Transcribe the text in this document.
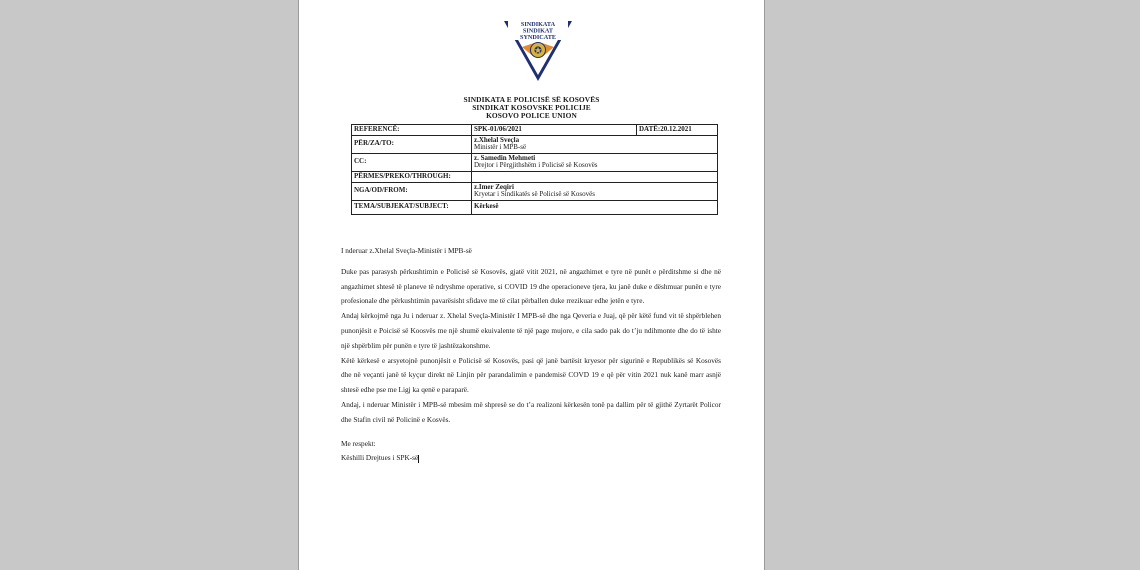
SINDIKATA
SINDIKAT
SYNDICATE
SINDIKATA E POLICISË SË KOSOVËS
SINDIKAT KOSOVSKE POLICIJE
KOSOVO POLICE UNION
REFERENCË:	SPK-01/06/2021	DATË:20.12.2021
PËR/ZA/TO:	z.Xhelal Sveçla
Ministër i MPB-së	

CC:	z. Samedin Mehmeti
Drejtor i Përgjithshëm i Policisë së Kosovës	

PËRMES/PREKO/THROUGH:		
NGA/OD/FROM:	z.Imer Zeqiri
Kryetar i Sindikatës së Policisë së Kosovës	

TEMA/SUBJEKAT/SUBJECT:	Kërkesë	

I nderuar z.Xhelal Sveçla-Ministër i MPB-së

Duke pas parasysh përkushtimin e Policisë së Kosovës, gjatë vitit 2021, në angazhimet e tyre në punët e përditshme si dhe në angazhimet shtesë të planeve të ndryshme operative, si COVID 19 dhe operacioneve tjera, ku janë duke e dëshmuar punën e tyre profesionale dhe përkushtimin pavarësisht sfidave me të cilat përballen duke rrezikuar edhe jetën e tyre.

Andaj kërkojmë nga Ju i nderuar z. Xhelal Sveçla-Ministër I MPB-së dhe nga Qeveria e Juaj, që për këtë fund vit të shpërblehen punonjësit e Poicisë së Koosvës me një shumë ekuivalente të një page mujore, e cila sado pak do t’ju ndihmonte dhe do të ishte një shpërblim për punën e tyre të jashtëzakonshme.

Këtë kërkesë e arsyetojnë punonjësit e Policisë së Kosovës, pasi që janë bartësit kryesor për sigurinë e Republikës së Kosovës dhe në veçanti janë të kyçur direkt në Linjin për parandalimin e pandemisë COVD 19 e që për vitin 2021 nuk kanë marr asnjë shtesë edhe pse me Ligj ka qenë e paraparë.

Andaj, i nderuar Ministër i MPB-së mbesim më shpresë se do t’a realizoni kërkesën tonë pa dallim për të gjithë Zyrtarët Policor dhe Stafin civil në Policinë e Kosvës.

Me respekt:

Këshilli Drejtues i SPK-së
